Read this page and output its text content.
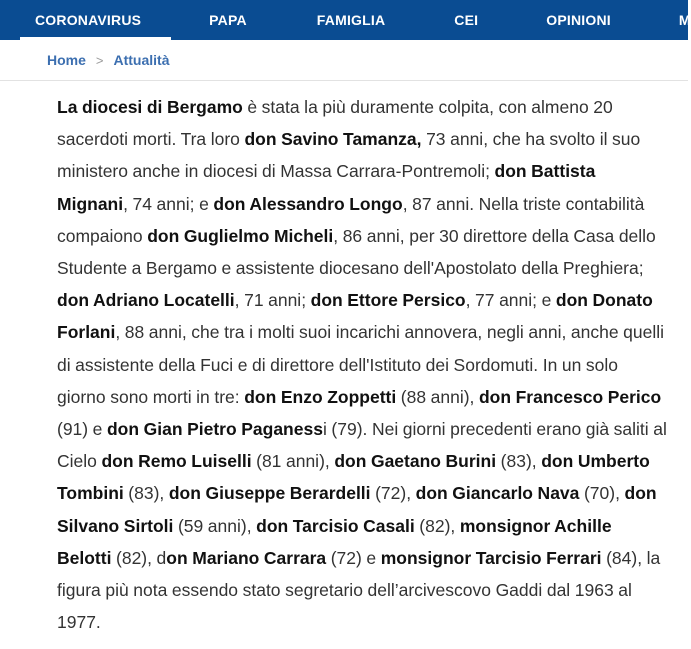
CORONAVIRUS	PAPA	FAMIGLIA	CEI	OPINIONI	M
Home > Attualità

La diocesi di Bergamo è stata la più duramente colpita, con almeno 20 sacerdoti morti. Tra loro don Savino Tamanza, 73 anni, che ha svolto il suo ministero anche in diocesi di Massa Carrara-Pontremoli; don Battista Mignani, 74 anni; e don Alessandro Longo, 87 anni. Nella triste contabilità compaiono don Guglielmo Micheli, 86 anni, per 30 direttore della Casa dello Studente a Bergamo e assistente diocesano dell'Apostolato della Preghiera; don Adriano Locatelli, 71 anni; don Ettore Persico, 77 anni; e don Donato Forlani, 88 anni, che tra i molti suoi incarichi annovera, negli anni, anche quelli di assistente della Fuci e di direttore dell'Istituto dei Sordomuti. In un solo giorno sono morti in tre: don Enzo Zoppetti (88 anni), don Francesco Perico (91) e don Gian Pietro Paganessi (79). Nei giorni precedenti erano già saliti al Cielo don Remo Luiselli (81 anni), don Gaetano Burini (83), don Umberto Tombini (83), don Giuseppe Berardelli (72), don Giancarlo Nava (70), don Silvano Sirtoli (59 anni), don Tarcisio Casali (82), monsignor Achille Belotti (82), don Mariano Carrara (72) e monsignor Tarcisio Ferrari (84), la figura più nota essendo stato segretario dell’arcivescovo Gaddi dal 1963 al 1977.
